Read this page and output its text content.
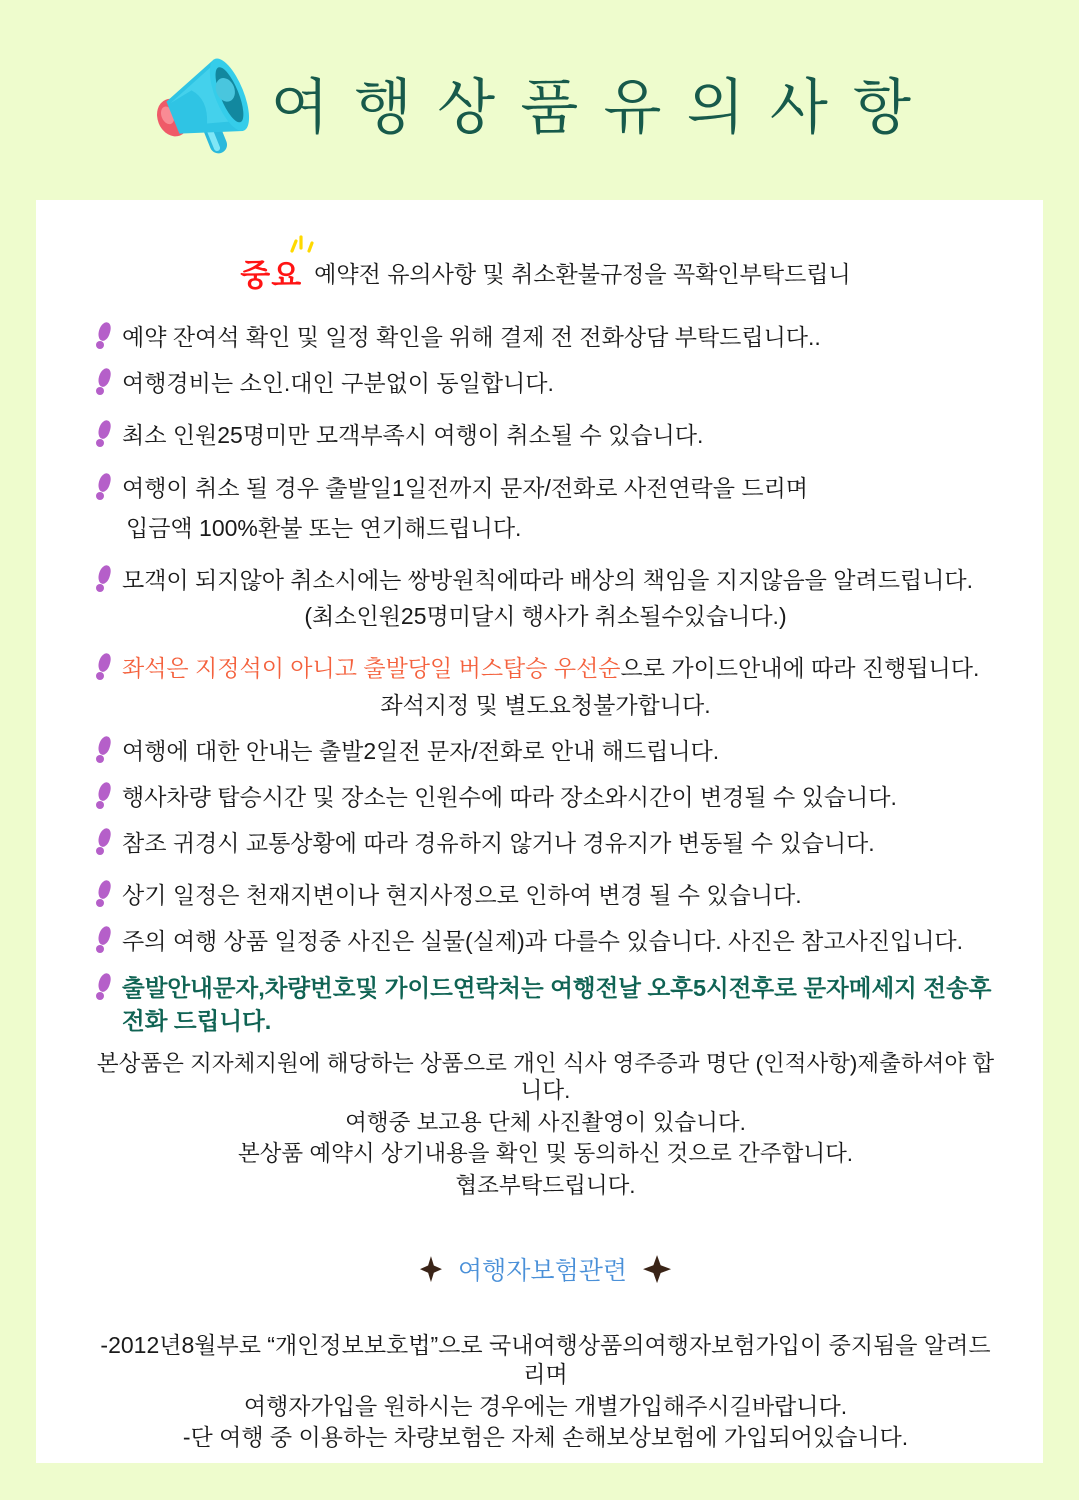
여행상품유의사항
중요 예약전 유의사항 및 취소환불규정을 꼭확인부탁드립니
예약 잔여석 확인 및 일정 확인을 위해 결제 전 전화상담 부탁드립니다..
여행경비는 소인.대인 구분없이 동일합니다.
최소 인원25명미만 모객부족시 여행이 취소될 수 있습니다.
여행이 취소 될 경우 출발일1일전까지 문자/전화로 사전연락을 드리며
입금액 100%환불 또는 연기해드립니다.
모객이 되지않아 취소시에는 쌍방원칙에따라 배상의 책임을 지지않음을 알려드립니다.
(최소인원25명미달시 행사가 취소될수있습니다.)
좌석은 지정석이 아니고 출발당일 버스탑승 우선순으로 가이드안내에 따라 진행됩니다.
좌석지정 및 별도요청불가합니다.
여행에 대한 안내는 출발2일전 문자/전화로 안내 해드립니다.
행사차량 탑승시간 및 장소는 인원수에 따라 장소와시간이 변경될 수 있습니다.
참조 귀경시 교통상황에 따라 경유하지 않거나 경유지가 변동될 수 있습니다.
상기 일정은 천재지변이나 현지사정으로 인하여 변경 될 수 있습니다.
주의 여행 상품 일정중 사진은 실물(실제)과 다를수 있습니다. 사진은 참고사진입니다.
출발안내문자,차량번호및 가이드연락처는 여행전날 오후5시전후로 문자메세지 전송후 전화 드립니다.

본상품은 지자체지원에 해당하는 상품으로 개인 식사 영주증과 명단 (인적사항)제출하셔야 합니다.

여행중 보고용 단체 사진촬영이 있습니다.

본상품 예약시 상기내용을 확인 및 동의하신 것으로 간주합니다.

협조부탁드립니다.

여행자보험관련

-2012년8월부로 “개인정보보호법”으로 국내여행상품의여행자보험가입이 중지됨을 알려드리며

여행자가입을 원하시는 경우에는 개별가입해주시길바랍니다.

-단 여행 중 이용하는 차량보험은 자체 손해보상보험에 가입되어있습니다.
